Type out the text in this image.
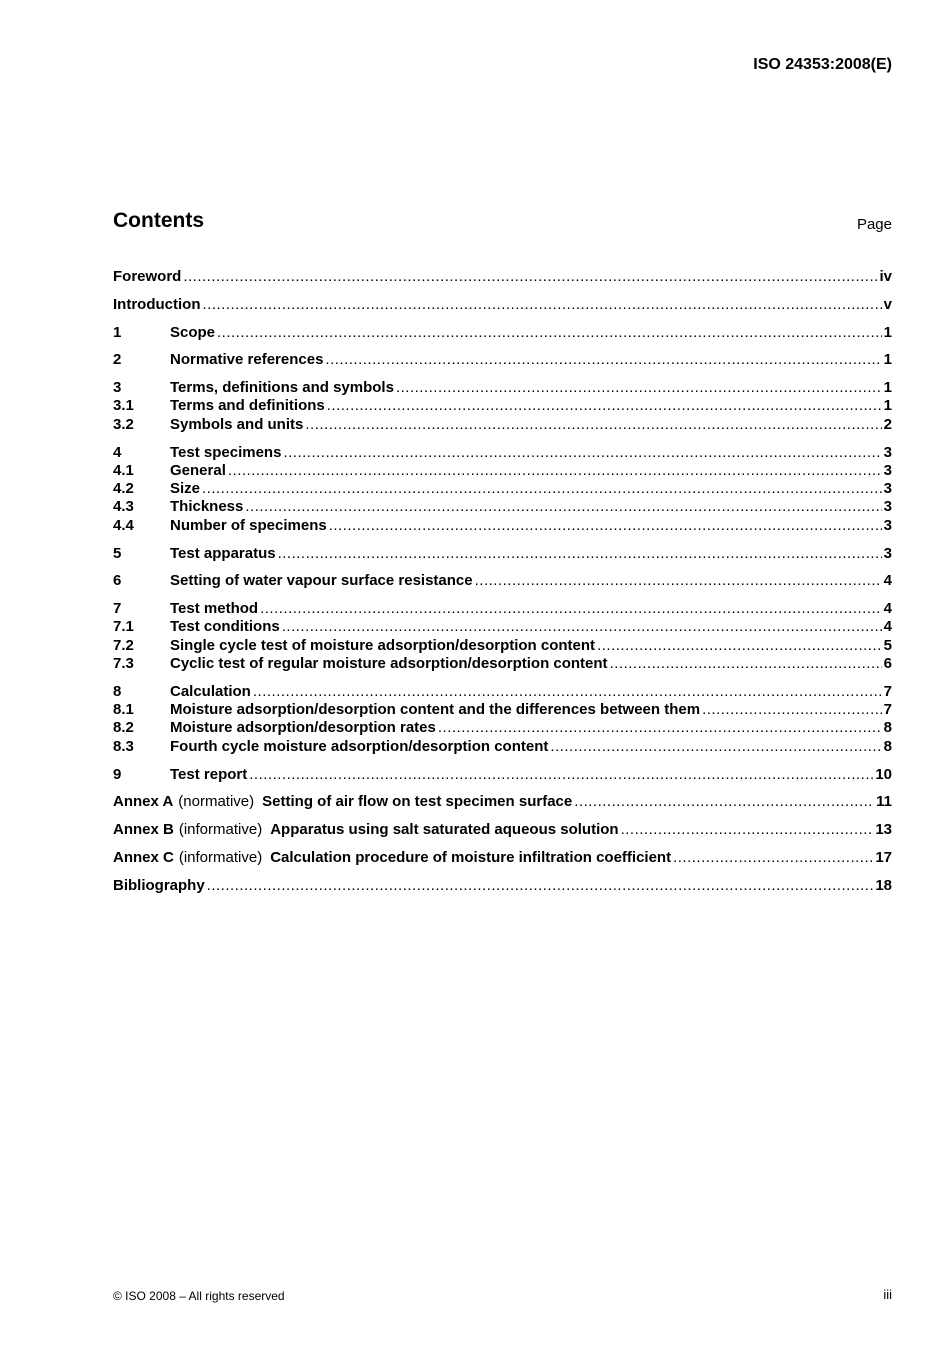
ISO 24353:2008(E)
Contents	Page
Foreword .....	iv
Introduction .....	v
1	Scope .....	1
2	Normative references .....	1
3	Terms, definitions and symbols .....	1
3.1	Terms and definitions .....	1
3.2	Symbols and units .....	2
4	Test specimens .....	3
4.1	General .....	3
4.2	Size .....	3
4.3	Thickness .....	3
4.4	Number of specimens .....	3
5	Test apparatus .....	3
6	Setting of water vapour surface resistance .....	4
7	Test method .....	4
7.1	Test conditions .....	4
7.2	Single cycle test of moisture adsorption/desorption content .....	5
7.3	Cyclic test of regular moisture adsorption/desorption content .....	6
8	Calculation .....	7
8.1	Moisture adsorption/desorption content and the differences between them .....	7
8.2	Moisture adsorption/desorption rates .....	8
8.3	Fourth cycle moisture adsorption/desorption content .....	8
9	Test report .....	10
Annex A (normative) Setting of air flow on test specimen surface .....	11
Annex B (informative) Apparatus using salt saturated aqueous solution .....	13
Annex C (informative) Calculation procedure of moisture infiltration coefficient .....	17
Bibliography .....	18
© ISO 2008 – All rights reserved	iii
